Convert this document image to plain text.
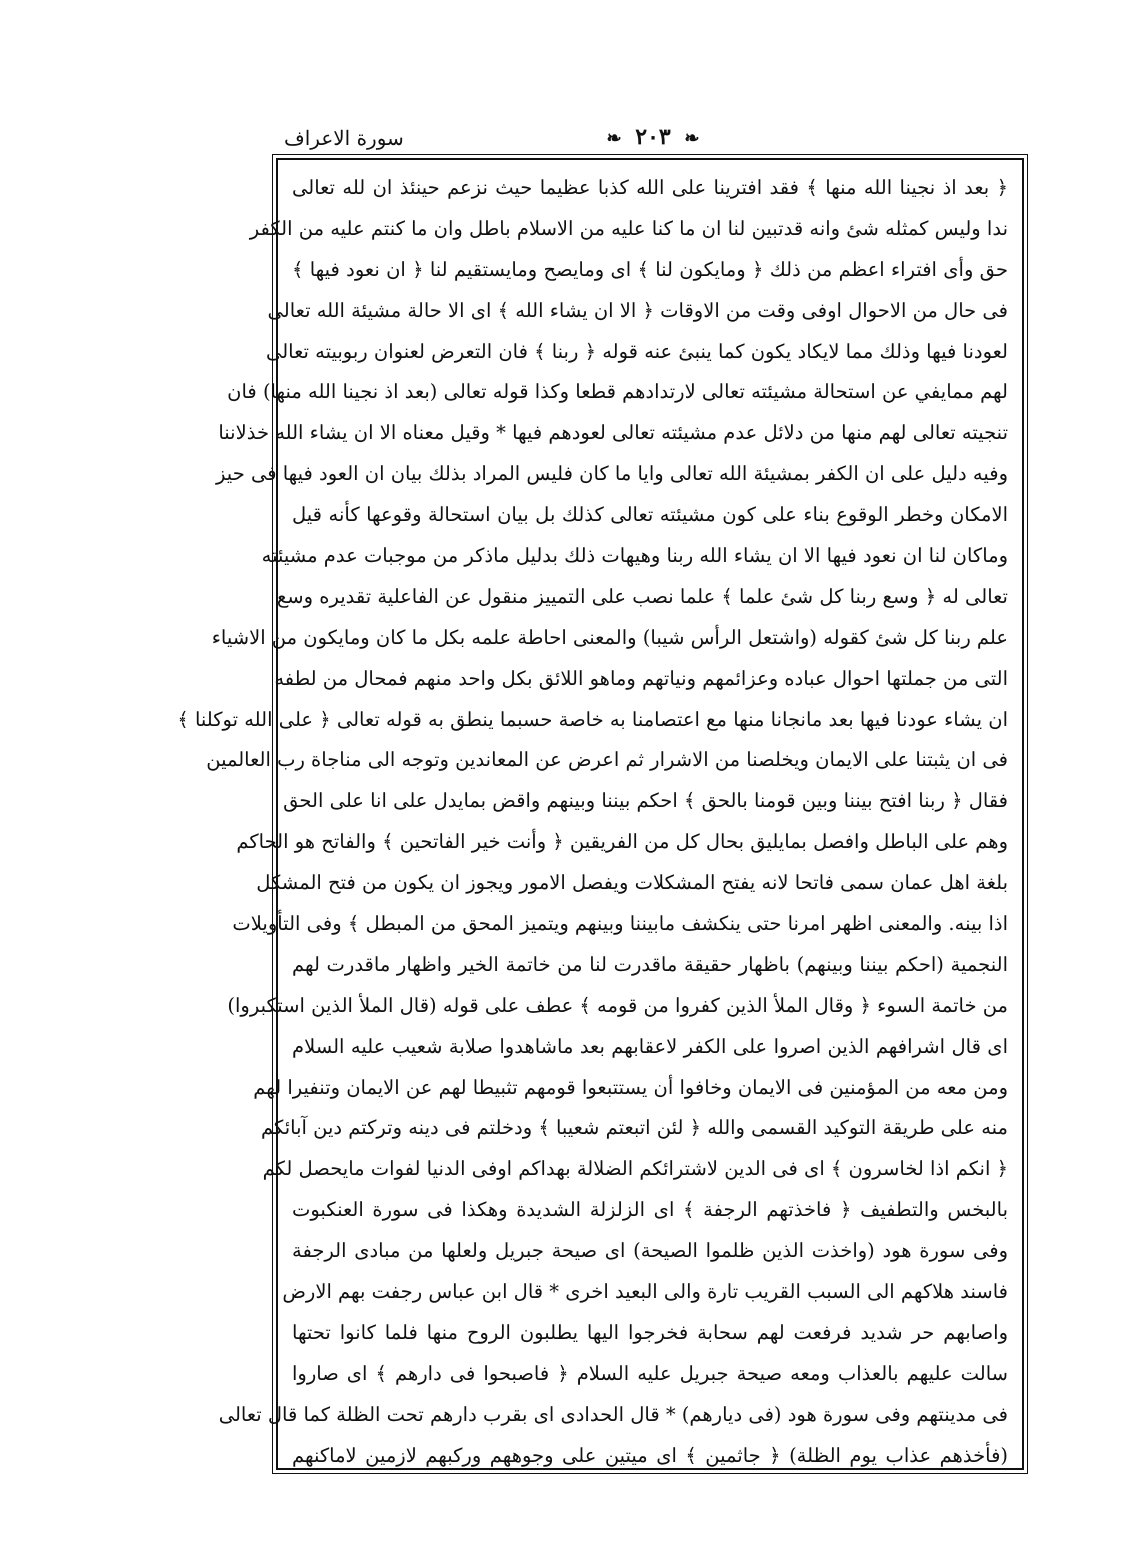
❧ ٢٠٣ ❧
سورة الاعراف
﴿ بعد اذ نجينا الله منها ﴾ فقد افترينا على الله كذبا عظيما حيث نزعم حينئذ ان لله تعالى
ندا وليس كمثله شئ وانه قدتبين لنا ان ما كنا عليه من الاسلام باطل وان ما كنتم عليه من الكفر
حق وأى افتراء اعظم من ذلك ﴿ ومايكون لنا ﴾ اى ومايصح ومايستقيم لنا ﴿ ان نعود فيها ﴾
فى حال من الاحوال اوفى وقت من الاوقات ﴿ الا ان يشاء الله ﴾ اى الا حالة مشيئة الله تعالى
لعودنا فيها وذلك مما لايكاد يكون كما ينبئ عنه قوله ﴿ ربنا ﴾ فان التعرض لعنوان ربوبيته تعالى
لهم ممايفي عن استحالة مشيئته تعالى لارتدادهم قطعا وكذا قوله تعالى (بعد اذ نجينا الله منها) فان
تنجيته تعالى لهم منها من دلائل عدم مشيئته تعالى لعودهم فيها * وقيل معناه الا ان يشاء الله خذلاننا
وفيه دليل على ان الكفر بمشيئة الله تعالى وايا ما كان فليس المراد بذلك بيان ان العود فيها فى حيز
الامكان وخطر الوقوع بناء على كون مشيئته تعالى كذلك بل بيان استحالة وقوعها كأنه قيل
وماكان لنا ان نعود فيها الا ان يشاء الله ربنا وهيهات ذلك بدليل ماذكر من موجبات عدم مشيئته
تعالى له ﴿ وسع ربنا كل شئ علما ﴾ علما نصب على التمييز منقول عن الفاعلية تقديره وسع
علم ربنا كل شئ كقوله (واشتعل الرأس شيبا) والمعنى احاطة علمه بكل ما كان ومايكون من الاشياء
التى من جملتها احوال عباده وعزائمهم ونياتهم وماهو اللائق بكل واحد منهم فمحال من لطفه
ان يشاء عودنا فيها بعد مانجانا منها مع اعتصامنا به خاصة حسبما ينطق به قوله تعالى ﴿ على الله توكلنا ﴾
فى ان يثبتنا على الايمان ويخلصنا من الاشرار ثم اعرض عن المعاندين وتوجه الى مناجاة رب العالمين
فقال ﴿ ربنا افتح بيننا وبين قومنا بالحق ﴾ احكم بيننا وبينهم واقض بمايدل على انا على الحق
وهم على الباطل وافصل بمايليق بحال كل من الفريقين ﴿ وأنت خير الفاتحين ﴾ والفاتح هو الحاكم
بلغة اهل عمان سمى فاتحا لانه يفتح المشكلات ويفصل الامور ويجوز ان يكون من فتح المشكل
اذا بينه. والمعنى اظهر امرنا حتى ينكشف مابيننا وبينهم ويتميز المحق من المبطل ﴾ وفى التأويلات
النجمية (احكم بيننا وبينهم) باظهار حقيقة ماقدرت لنا من خاتمة الخير واظهار ماقدرت لهم
من خاتمة السوء ﴿ وقال الملأ الذين كفروا من قومه ﴾ عطف على قوله (قال الملأ الذين استكبروا)
اى قال اشرافهم الذين اصروا على الكفر لاعقابهم بعد ماشاهدوا صلابة شعيب عليه السلام
ومن معه من المؤمنين فى الايمان وخافوا أن يستتبعوا قومهم تثبيطا لهم عن الايمان وتنفيرا لهم
منه على طريقة التوكيد القسمى والله ﴿ لئن اتبعتم شعيبا ﴾ ودخلتم فى دينه وتركتم دين آبائكم
﴿ انكم اذا لخاسرون ﴾ اى فى الدين لاشترائكم الضلالة بهداكم اوفى الدنيا لفوات مايحصل لكم
بالبخس والتطفيف ﴿ فاخذتهم الرجفة ﴾ اى الزلزلة الشديدة وهكذا فى سورة العنكبوت
وفى سورة هود (واخذت الذين ظلموا الصيحة) اى صيحة جبريل ولعلها من مبادى الرجفة
فاسند هلاكهم الى السبب القريب تارة والى البعيد اخرى * قال ابن عباس رجفت بهم الارض
واصابهم حر شديد فرفعت لهم سحابة فخرجوا اليها يطلبون الروح منها فلما كانوا تحتها
سالت عليهم بالعذاب ومعه صيحة جبريل عليه السلام ﴿ فاصبحوا فى دارهم ﴾ اى صاروا
فى مدينتهم وفى سورة هود (فى ديارهم) * قال الحدادى اى بقرب دارهم تحت الظلة كما قال تعالى
(فأخذهم عذاب يوم الظلة) ﴿ جاثمين ﴾ اى ميتين على وجوههم وركبهم لازمين لاماكنهم
